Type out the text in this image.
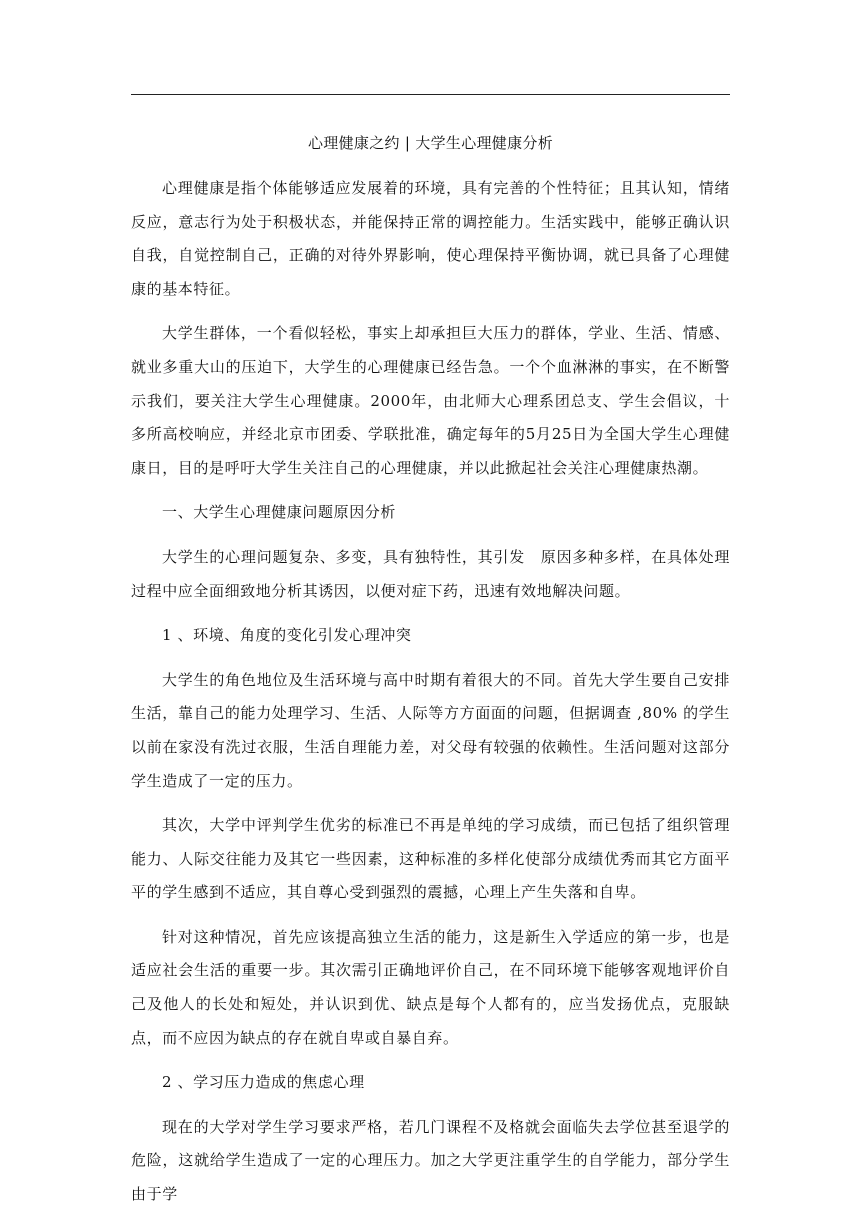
心理健康之约 | 大学生心理健康分析

心理健康是指个体能够适应发展着的环境，具有完善的个性特征；且其认知，情绪反应，意志行为处于积极状态，并能保持正常的调控能力。生活实践中，能够正确认识自我，自觉控制自己，正确的对待外界影响，使心理保持平衡协调，就已具备了心理健康的基本特征。

大学生群体，一个看似轻松，事实上却承担巨大压力的群体，学业、生活、情感、就业多重大山的压迫下，大学生的心理健康已经告急。一个个血淋淋的事实，在不断警示我们，要关注大学生心理健康。2000年，由北师大心理系团总支、学生会倡议，十多所高校响应，并经北京市团委、学联批准，确定每年的5月25日为全国大学生心理健康日，目的是呼吁大学生关注自己的心理健康，并以此掀起社会关注心理健康热潮。

一、大学生心理健康问题原因分析

大学生的心理问题复杂、多变，具有独特性，其引发　原因多种多样，在具体处理过程中应全面细致地分析其诱因，以便对症下药，迅速有效地解决问题。

1 、环境、角度的变化引发心理冲突

大学生的角色地位及生活环境与高中时期有着很大的不同。首先大学生要自己安排生活，靠自己的能力处理学习、生活、人际等方方面面的问题，但据调查 ,80% 的学生以前在家没有洗过衣服，生活自理能力差，对父母有较强的依赖性。生活问题对这部分学生造成了一定的压力。

其次，大学中评判学生优劣的标准已不再是单纯的学习成绩，而已包括了组织管理能力、人际交往能力及其它一些因素，这种标准的多样化使部分成绩优秀而其它方面平平的学生感到不适应，其自尊心受到强烈的震撼，心理上产生失落和自卑。

针对这种情况，首先应该提高独立生活的能力，这是新生入学适应的第一步，也是适应社会生活的重要一步。其次需引正确地评价自己，在不同环境下能够客观地评价自己及他人的长处和短处，并认识到优、缺点是每个人都有的，应当发扬优点，克服缺点，而不应因为缺点的存在就自卑或自暴自弃。

2 、学习压力造成的焦虑心理

现在的大学对学生学习要求严格，若几门课程不及格就会面临失去学位甚至退学的危险，这就给学生造成了一定的心理压力。加之大学更注重学生的自学能力，部分学生由于学
